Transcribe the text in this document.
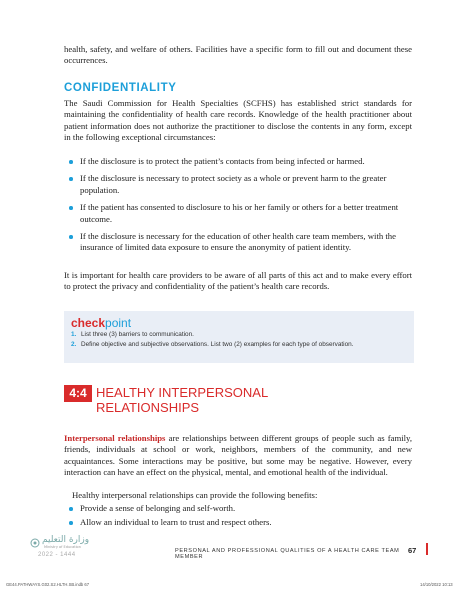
health, safety, and welfare of others. Facilities have a specific form to fill out and document these occurrences.
CONFIDENTIALITY
The Saudi Commission for Health Specialties (SCFHS) has established strict standards for maintaining the confidentiality of health care records. Knowledge of the health practitioner about patient information does not authorize the practitioner to disclose the contents in any form, except in the following exceptional circumstances:
If the disclosure is to protect the patient’s contacts from being infected or harmed.
If the disclosure is necessary to protect society as a whole or prevent harm to the greater population.
If the patient has consented to disclosure to his or her family or others for a better treatment outcome.
If the disclosure is necessary for the education of other health care team members, with the insurance of limited data exposure to ensure the anonymity of patient identity.
It is important for health care providers to be aware of all parts of this act and to make every effort to protect the privacy and confidentiality of the patient’s health care records.
checkpoint
1. List three (3) barriers to communication.
2. Define objective and subjective observations. List two (2) examples for each type of observation.
4:4 HEALTHY INTERPERSONAL RELATIONSHIPS
Interpersonal relationships are relationships between different groups of people such as family, friends, individuals at school or work, neighbors, members of the community, and new acquaintances. Some interactions may be positive, but some may be negative. However, every interaction can have an effect on the physical, mental, and emotional health of the individual.
Healthy interpersonal relationships can provide the following benefits:
Provide a sense of belonging and self-worth.
Allow an individual to learn to trust and respect others.
وزارة التعليم
Ministry of Education
2022 - 1444
PERSONAL AND PROFESSIONAL QUALITIES OF A HEALTH CARE TEAM MEMBER
67
GE44.PATHWAYS.G02.S2.HLTH.SB.indb 67	14/10/2022 10:13
